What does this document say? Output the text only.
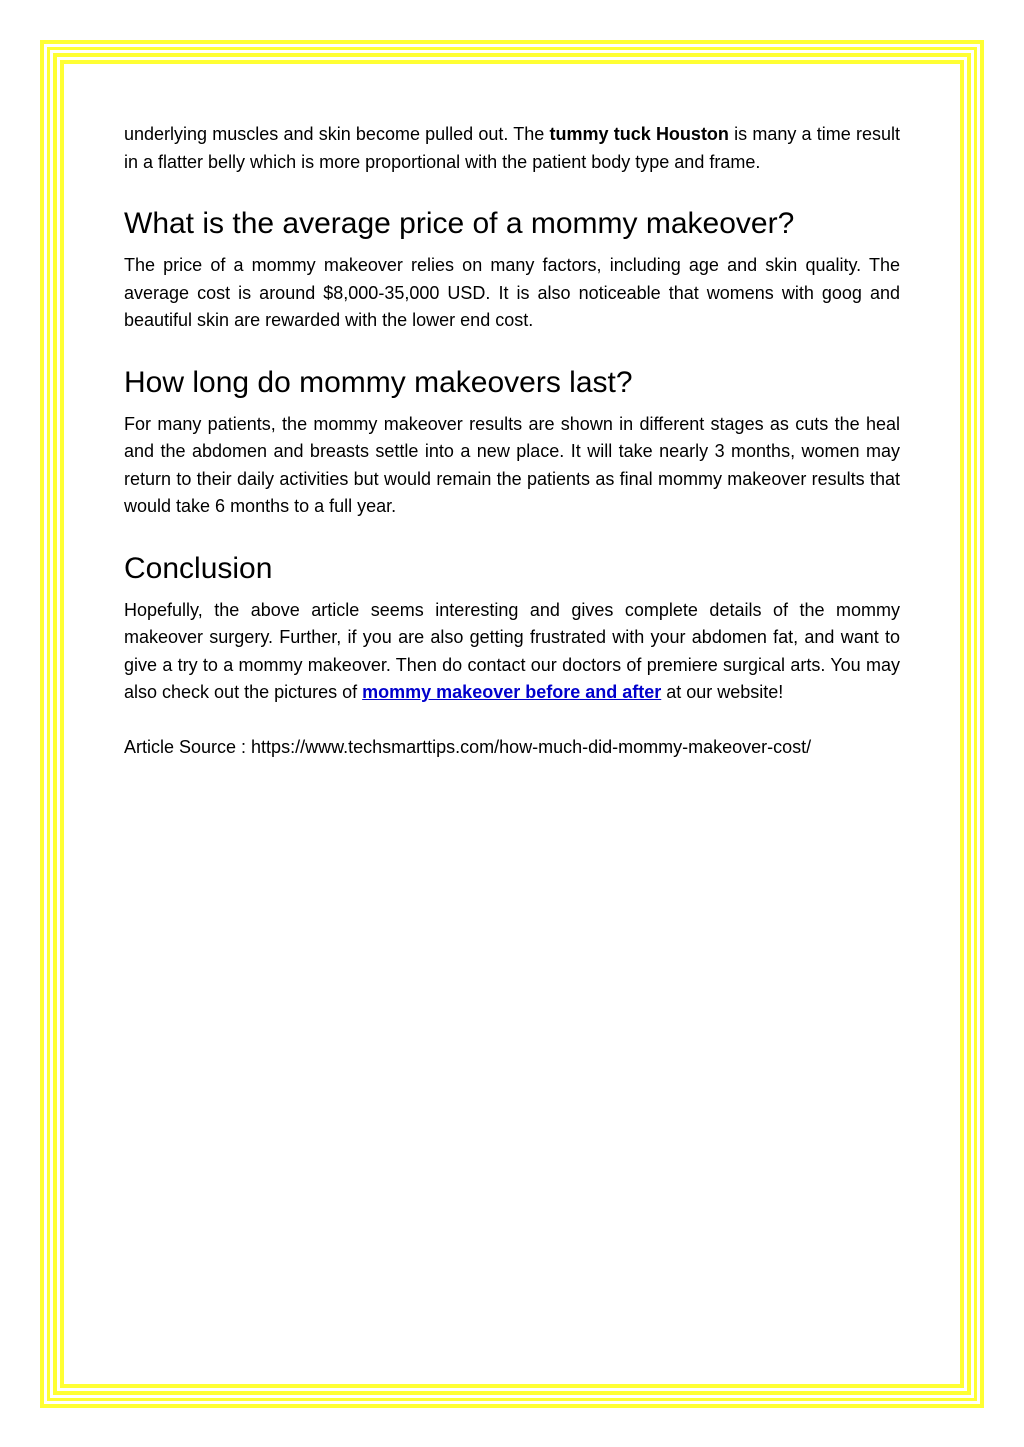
underlying muscles and skin become pulled out. The tummy tuck Houston is many a time result in a flatter belly which is more proportional with the patient body type and frame.

What is the average price of a mommy makeover?

The price of a mommy makeover relies on many factors, including age and skin quality. The average cost is around $8,000-35,000 USD. It is also noticeable that womens with goog and beautiful skin are rewarded with the lower end cost.

How long do mommy makeovers last?

For many patients, the mommy makeover results are shown in different stages as cuts the heal and the abdomen and breasts settle into a new place. It will take nearly 3 months, women may return to their daily activities but would remain the patients as final mommy makeover results that would take 6 months to a full year.

Conclusion

Hopefully, the above article seems interesting and gives complete details of the mommy makeover surgery. Further, if you are also getting frustrated with your abdomen fat, and want to give a try to a mommy makeover. Then do contact our doctors of premiere surgical arts. You may also check out the pictures of mommy makeover before and after at our website!

Article Source : https://www.techsmarttips.com/how-much-did-mommy-makeover-cost/
